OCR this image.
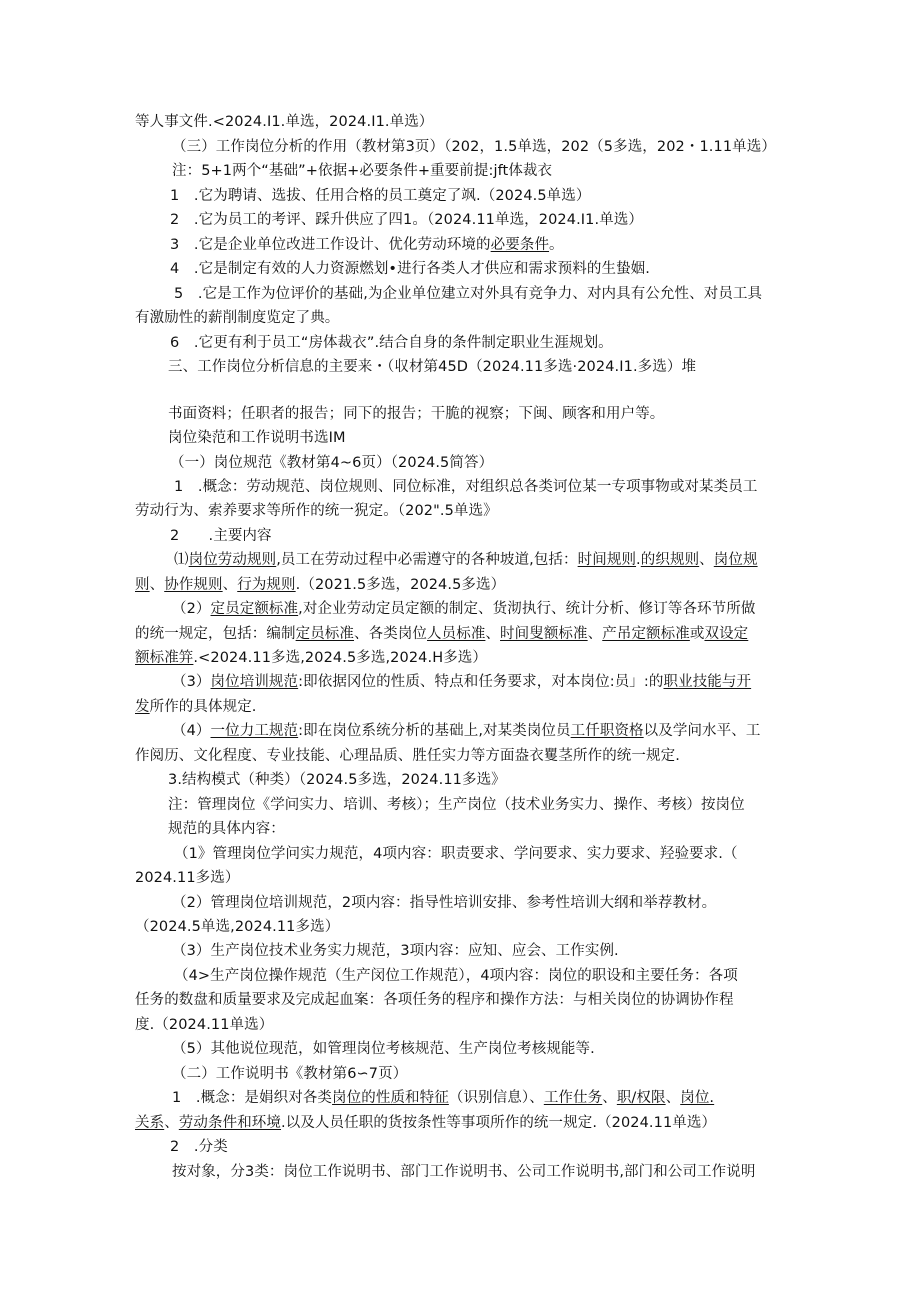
等人事文件.<2024.I1.单选，2024.I1.单选）
（三）工作岗位分析的作用（教材第3页）（202，1.5单选，202（5多选，202・1.11单选）
注：5+1两个“基础”+依据+必要条件+重要前提:jft体裁衣
1　.它为聘请、选拔、任用合格的员工奠定了飒.（2024.5单选）
2　.它为员工的考评、踩升供应了四1。（2024.11单选，2024.I1.单选）
3　.它是企业单位改进工作设计、优化劳动环境的必要条件。
4　.它是制定有效的人力资源燃划•进行各类人才供应和需求预料的生蛰姻.
5　.它是工作为位评价的基础,为企业单位建立对外具有竞争力、对内具有公允性、对员工具
有激励性的薪削制度览定了典。
6　.它更有利于员工“房体裁衣”.结合自身的条件制定职业生涯规划。
三、工作岗位分析信息的主要来・（収材第45D（2024.11多选·2024.I1.多选）堆
书面资料；任职者的报告；同下的报告；干脆的视察；下闽、顾客和用户等。
岗位染范和工作说明书选IM
（一）岗位规范《教材第4~6页）（2024.5简答）
1　.概念：劳动规范、岗位规则、同位标准，对组织总各类诃位某一专项事物或对某类员工
劳动行为、索养要求等所作的统一猊定。（202".5单选》
2　　.主要内容
⑴岗位劳动规则,员工在劳动过程中必需遵守的各种坡道,包括：时间规则.的织规则、岗位规
则、协作规则、行为规则.（2021.5多选，2024.5多选）
（2）定员定额标准,对企业劳动定员定额的制定、货沏执行、统计分析、修订等各环节所做
的统一规定，包括：编制定员标准、各类岗位人员标准、时间叟额标准、产吊定额标准或双设定
额标准笄.<2024.11多选,2024.5多选,2024.H多选）
（3）岗位培训规范:即依据冈位的性质、特点和任务要求，对本岗位:员」:的职业技能与开
发所作的具体规定.
（4）一位力工规范:即在岗位系统分析的基础上,对某类岗位员工仟职资格以及学问水平、工
作阅历、文化程度、专业技能、心理品质、胜任实力等方面盎衣矍茎所作的统一规定.
3.结构模式（种类）（2024.5多选，2024.11多选》
注：管理岗位《学问实力、培训、考核）；生产岗位（技术业务实力、操作、考核）按岗位
规范的具体内容：
（1》管理岗位学问实力规范，4项内容：职责要求、学问要求、实力要求、羟验要求.（
2024.11多选）
（2）管理岗位培训规范，2项内容：指导性培训安排、参考性培训大纲和举荐教材。
（2024.5单选,2024.11多选）
（3）生产岗位技术业务实力规范，3项内容：应知、应会、工作实例.
（4>生产岗位操作规范（生产闵位工作规范），4项内容：岗位的职设和主要任务：各项
任务的数盘和质量要求及完成起血案：各项任务的程序和操作方法：与相关岗位的协调协作程
度.（2024.11单选）
（5）其他说位现范，如管理岗位考核规范、生产岗位考核规能等.
（二）工作说明书《教材第6∽7页）
1　.概念：是娟织对各类岗位的性质和特征（识别信息）、工作仕务、职/权限、岗位.
关系、劳动条件和环境.以及人员任职的货按条性等事项所作的统一规定.（2024.11单选）
2　.分类
按对象，分3类：岗位工作说明书、部门工作说明书、公司工作说明书,部门和公司工作说明
